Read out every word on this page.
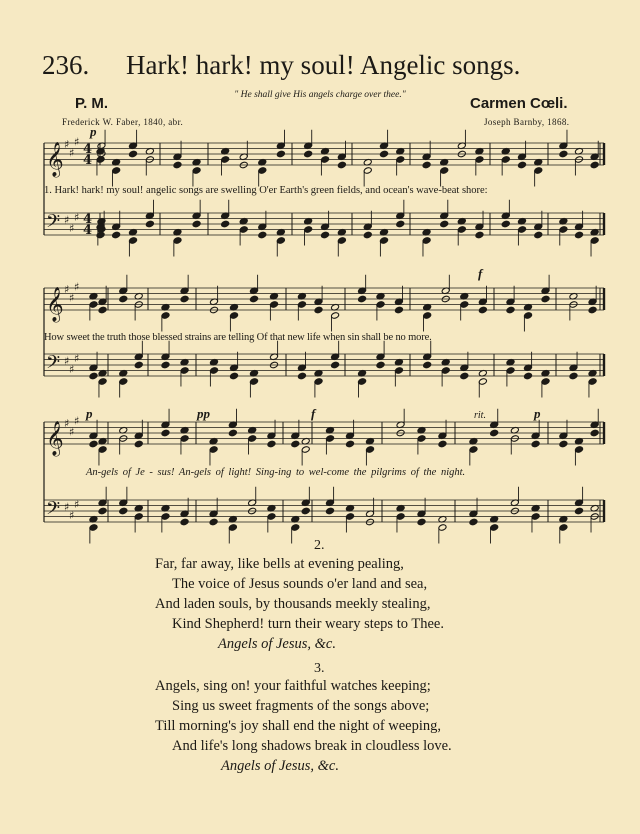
236. Hark! hark! my soul! Angelic songs.
" He shall give His angels charge over thee."
P. M.	Carmen Cœli.
Frederick W. Faber, 1840, abr.	Joseph Barnby, 1868.
𝄞
𝄢
♯
♯
♯
♯
♯
♯
4
4
4
4
𝄞
𝄢
♯
♯
♯
♯
♯
♯
𝄞
𝄢
♯
♯
♯
♯
♯
♯
1. Hark! hark! my soul! angelic songs are swelling O'er Earth's green fields, and ocean's wave-beat shore:
How sweet the truth those blessed strains are telling Of that new life when sin shall be no more.
An-gels of Je - sus! An-gels of light! Sing-ing to wel-come the pilgrims of the night.
p
f
p	pp	f	rit.	p
2.
Far, far away, like bells at evening pealing,
The voice of Jesus sounds o'er land and sea,
And laden souls, by thousands meekly stealing,
Kind Shepherd! turn their weary steps to Thee.
Angels of Jesus, &c.
3.
Angels, sing on! your faithful watches keeping;
Sing us sweet fragments of the songs above;
Till morning's joy shall end the night of weeping,
And life's long shadows break in cloudless love.
Angels of Jesus, &c.
